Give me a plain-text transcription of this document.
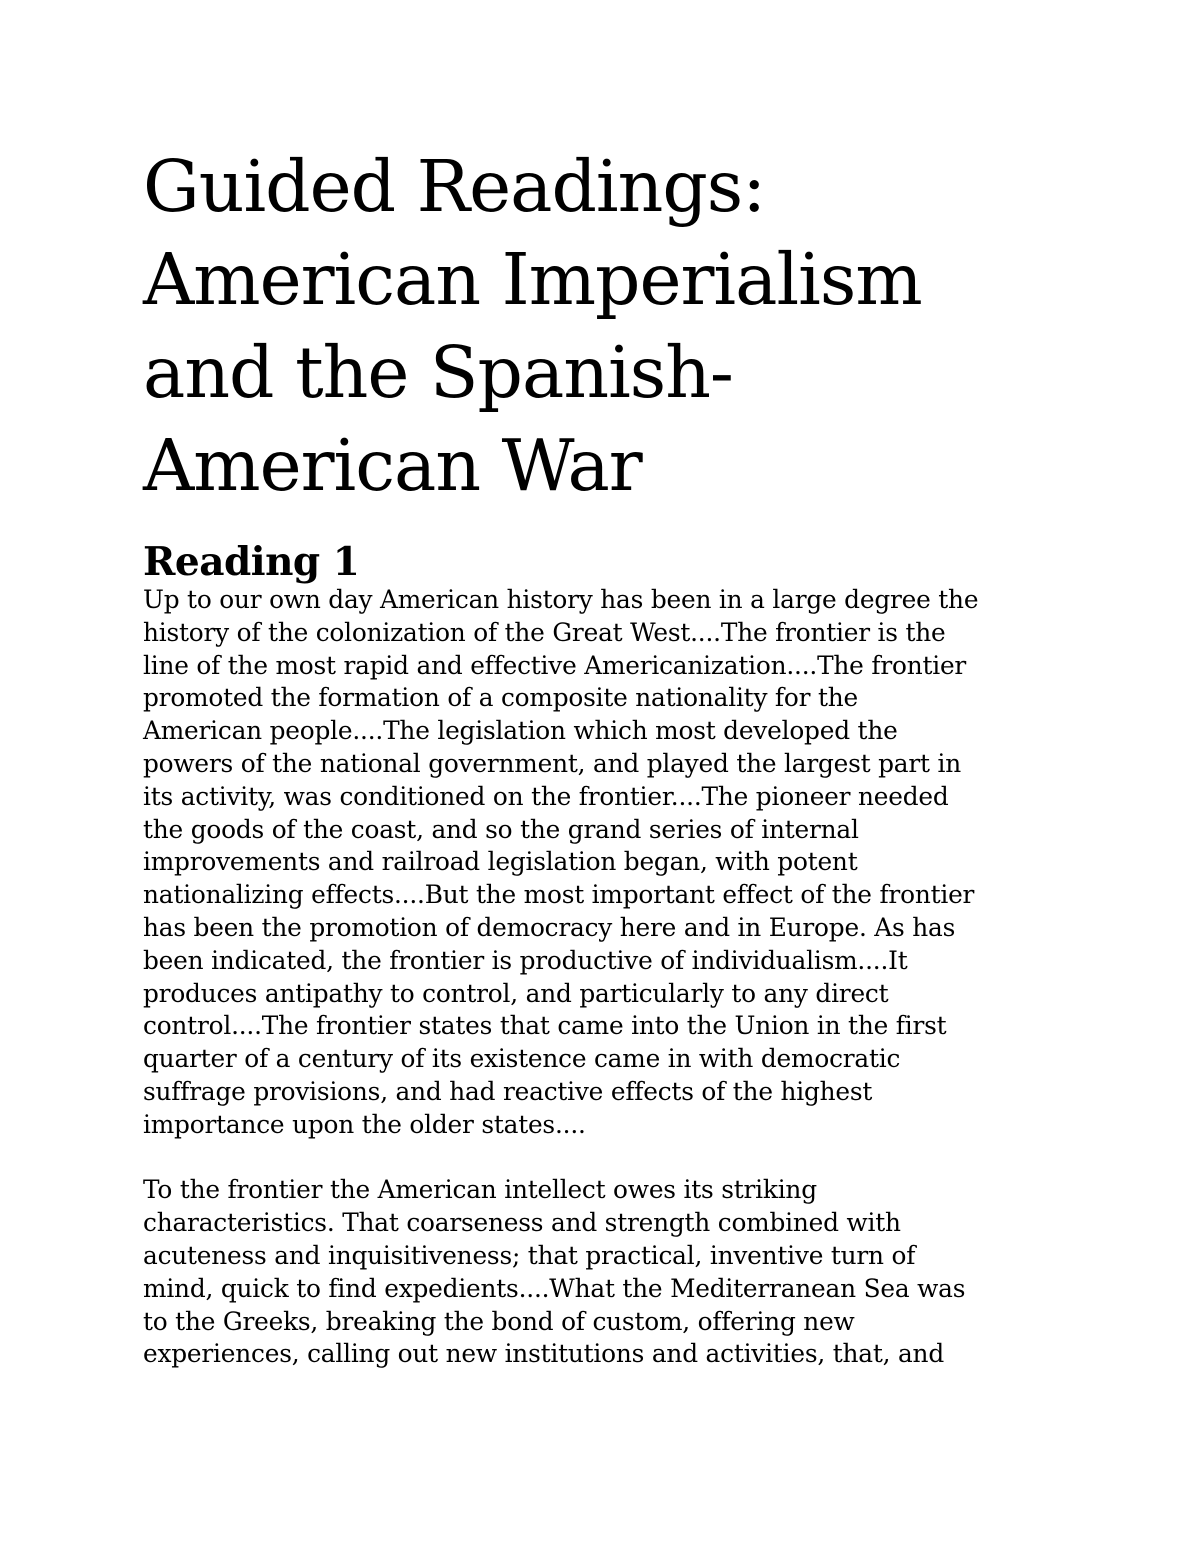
Guided Readings: American Imperialism and the Spanish-American War
Reading 1

Up to our own day American history has been in a large degree the
history of the colonization of the Great West....The frontier is the
line of the most rapid and effective Americanization....The frontier
promoted the formation of a composite nationality for the
American people....The legislation which most developed the
powers of the national government, and played the largest part in
its activity, was conditioned on the frontier....The pioneer needed
the goods of the coast, and so the grand series of internal
improvements and railroad legislation began, with potent
nationalizing effects....But the most important effect of the frontier
has been the promotion of democracy here and in Europe. As has
been indicated, the frontier is productive of individualism....It
produces antipathy to control, and particularly to any direct
control....The frontier states that came into the Union in the first
quarter of a century of its existence came in with democratic
suffrage provisions, and had reactive effects of the highest
importance upon the older states....

To the frontier the American intellect owes its striking
characteristics. That coarseness and strength combined with
acuteness and inquisitiveness; that practical, inventive turn of
mind, quick to find expedients....What the Mediterranean Sea was
to the Greeks, breaking the bond of custom, offering new
experiences, calling out new institutions and activities, that, and
